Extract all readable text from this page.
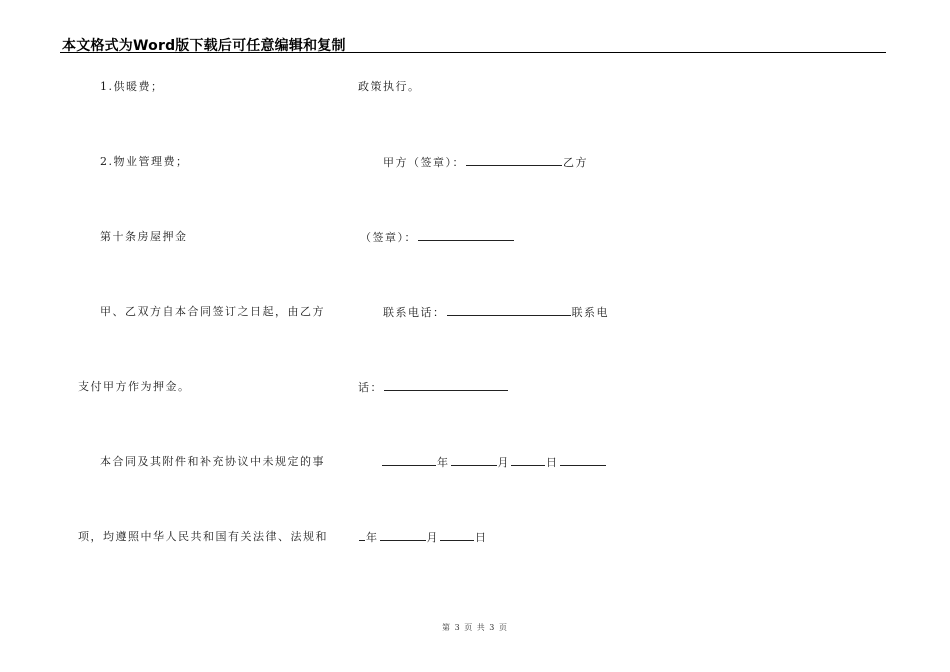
本文格式为Word版下载后可任意编辑和复制
1.供暖费；
2.物业管理费；
第十条房屋押金
甲、乙双方自本合同签订之日起，由乙方
支付甲方作为押金。
本合同及其附件和补充协议中未规定的事
项，均遵照中华人民共和国有关法律、法规和
政策执行。
甲方（签章）：	乙方
（签章）：
联系电话：	联系电
话：
年	月	日
年	月	日
第 3 页 共 3 页
